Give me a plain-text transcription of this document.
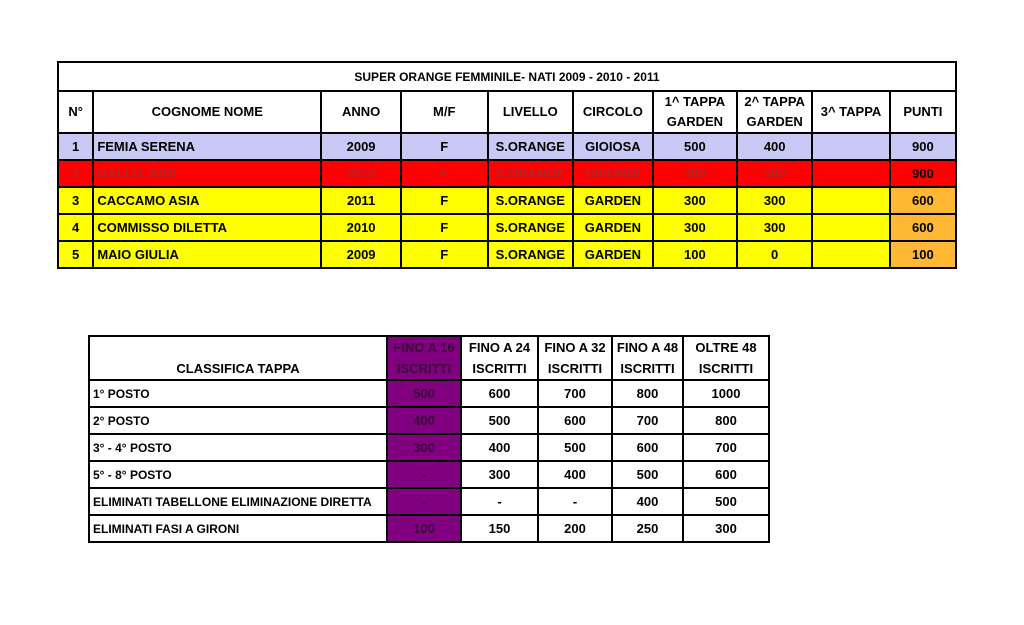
SUPER ORANGE FEMMINILE- NATI 2009 - 2010 - 2011									
N°	COGNOME NOME	ANNO	M/F	LIVELLO	CIRCOLO	1^ TAPPA GARDEN	2^ TAPPA GARDEN	3^ TAPPA	PUNTI
1	FEMIA SERENA	2009	F	S.ORANGE	GIOIOSA	500	400		900
2	GALLO JUDI	2010	F	S.ORANGE	BIVONGI	400	500		900
3	CACCAMO ASIA	2011	F	S.ORANGE	GARDEN	300	300		600
4	COMMISSO DILETTA	2010	F	S.ORANGE	GARDEN	300	300		600
5	MAIO GIULIA	2009	F	S.ORANGE	GARDEN	100	0		100
CLASSIFICA TAPPA	FINO A 16 ISCRITTI	FINO A 24 ISCRITTI	FINO A 32 ISCRITTI	FINO A 48 ISCRITTI	OLTRE 48 ISCRITTI
1° POSTO	500	600	700	800	1000
2° POSTO	400	500	600	700	800
3° - 4° POSTO	300	400	500	600	700
5° - 8° POSTO	-	300	400	500	600
ELIMINATI TABELLONE ELIMINAZIONE DIRETTA	-	-	-	400	500
ELIMINATI FASI A GIRONI	100	150	200	250	300
